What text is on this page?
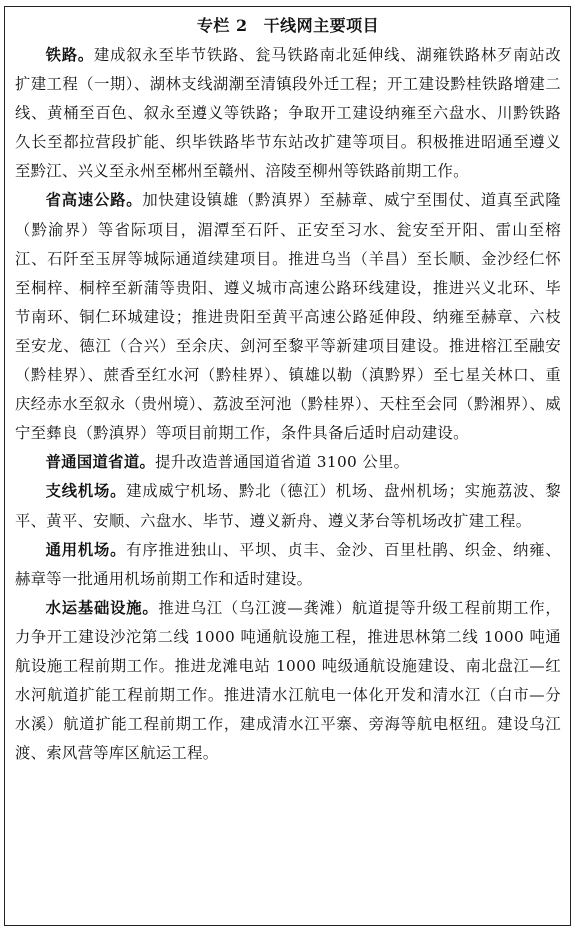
专栏 2 干线网主要项目

铁路。建成叙永至毕节铁路、瓮马铁路南北延伸线、湖雍铁路林歹南站改扩建工程（一期）、湖林支线湖潮至清镇段外迁工程；开工建设黔桂铁路增建二线、黄桶至百色、叙永至遵义等铁路；争取开工建设纳雍至六盘水、川黔铁路久长至都拉营段扩能、织毕铁路毕节东站改扩建等项目。积极推进昭通至遵义至黔江、兴义至永州至郴州至赣州、涪陵至柳州等铁路前期工作。

省高速公路。加快建设镇雄（黔滇界）至赫章、威宁至围仗、道真至武隆（黔渝界）等省际项目，湄潭至石阡、正安至习水、瓮安至开阳、雷山至榕江、石阡至玉屏等城际通道续建项目。推进乌当（羊昌）至长顺、金沙经仁怀至桐梓、桐梓至新蒲等贵阳、遵义城市高速公路环线建设，推进兴义北环、毕节南环、铜仁环城建设；推进贵阳至黄平高速公路延伸段、纳雍至赫章、六枝至安龙、德江（合兴）至余庆、剑河至黎平等新建项目建设。推进榕江至融安（黔桂界）、蔗香至红水河（黔桂界）、镇雄以勒（滇黔界）至七星关林口、重庆经赤水至叙永（贵州境）、荔波至河池（黔桂界）、天柱至会同（黔湘界）、威宁至彝良（黔滇界）等项目前期工作，条件具备后适时启动建设。

普通国道省道。提升改造普通国道省道 3100 公里。

支线机场。建成威宁机场、黔北（德江）机场、盘州机场；实施荔波、黎平、黄平、安顺、六盘水、毕节、遵义新舟、遵义茅台等机场改扩建工程。

通用机场。有序推进独山、平坝、贞丰、金沙、百里杜鹃、织金、纳雍、赫章等一批通用机场前期工作和适时建设。

水运基础设施。推进乌江（乌江渡—龚滩）航道提等升级工程前期工作，力争开工建设沙沱第二线 1000 吨通航设施工程，推进思林第二线 1000 吨通航设施工程前期工作。推进龙滩电站 1000 吨级通航设施建设、南北盘江—红水河航道扩能工程前期工作。推进清水江航电一体化开发和清水江（白市—分水溪）航道扩能工程前期工作，建成清水江平寨、旁海等航电枢纽。建设乌江渡、索风营等库区航运工程。
